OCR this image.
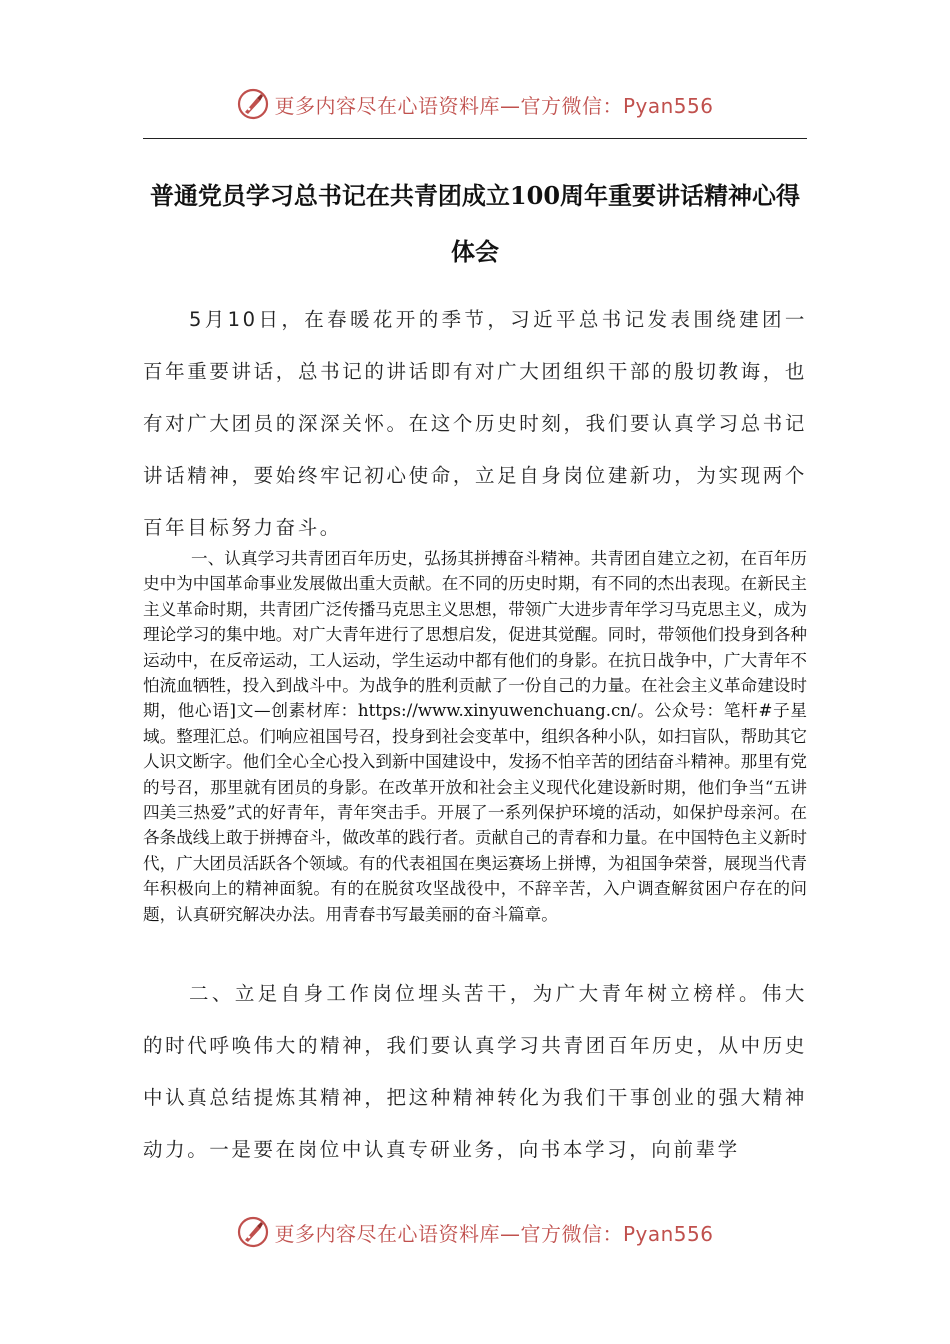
更多内容尽在心语资料库—官方微信：Pyan556
普通党员学习总书记在共青团成立100周年重要讲话精神心得体会

5月10日，在春暖花开的季节，习近平总书记发表围绕建团一百年重要讲话，总书记的讲话即有对广大团组织干部的殷切教诲，也有对广大团员的深深关怀。在这个历史时刻，我们要认真学习总书记讲话精神，要始终牢记初心使命，立足自身岗位建新功，为实现两个百年目标努力奋斗。

一、认真学习共青团百年历史，弘扬其拼搏奋斗精神。共青团自建立之初，在百年历史中为中国革命事业发展做出重大贡献。在不同的历史时期，有不同的杰出表现。在新民主主义革命时期，共青团广泛传播马克思主义思想，带领广大进步青年学习马克思主义，成为理论学习的集中地。对广大青年进行了思想启发，促进其觉醒。同时，带领他们投身到各种运动中，在反帝运动，工人运动，学生运动中都有他们的身影。在抗日战争中，广大青年不怕流血牺牲，投入到战斗中。为战争的胜利贡献了一份自己的力量。在社会主义革命建设时期，他心语]文—创素材库：https://www.xinyuwenchuang.cn/。公众号：笔杆#子星域。整理汇总。们响应祖国号召，投身到社会变革中，组织各种小队，如扫盲队，帮助其它人识文断字。他们全心全心投入到新中国建设中，发扬不怕辛苦的团结奋斗精神。那里有党的号召，那里就有团员的身影。在改革开放和社会主义现代化建设新时期，他们争当“五讲四美三热爱”式的好青年，青年突击手。开展了一系列保护环境的活动，如保护母亲河。在各条战线上敢于拼搏奋斗，做改革的践行者。贡献自己的青春和力量。在中国特色主义新时代，广大团员活跃各个领域。有的代表祖国在奥运赛场上拼博，为祖国争荣誉，展现当代青年积极向上的精神面貌。有的在脱贫攻坚战役中，不辞辛苦，入户调查解贫困户存在的问题，认真研究解决办法。用青春书写最美丽的奋斗篇章。

二、立足自身工作岗位埋头苦干，为广大青年树立榜样。伟大的时代呼唤伟大的精神，我们要认真学习共青团百年历史，从中历史中认真总结提炼其精神，把这种精神转化为我们干事创业的强大精神动力。一是要在岗位中认真专研业务，向书本学习，向前辈学

更多内容尽在心语资料库—官方微信：Pyan556
